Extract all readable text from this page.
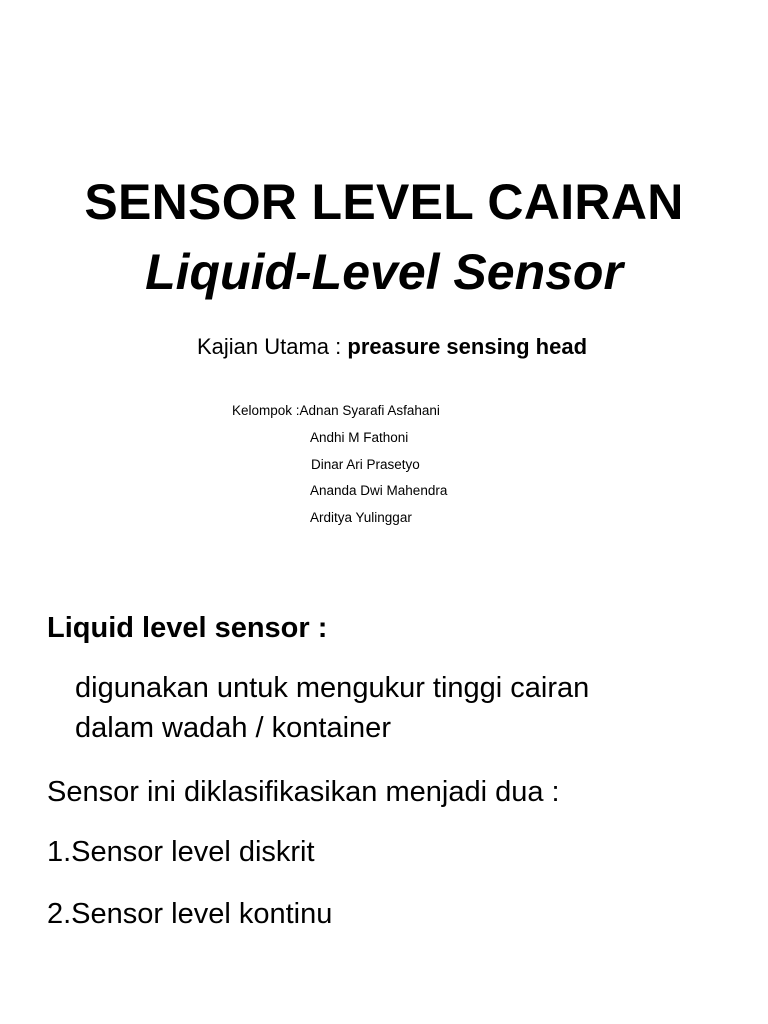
SENSOR LEVEL CAIRAN
Liquid-Level Sensor
Kajian Utama : preasure sensing head
Kelompok :Adnan Syarafi Asfahani
Andhi M Fathoni
Dinar Ari Prasetyo
Ananda Dwi Mahendra
Arditya Yulinggar
Liquid level sensor :
digunakan untuk mengukur tinggi cairan
dalam wadah / kontainer
Sensor ini diklasifikasikan menjadi dua :
1.Sensor level diskrit
2.Sensor level kontinu
